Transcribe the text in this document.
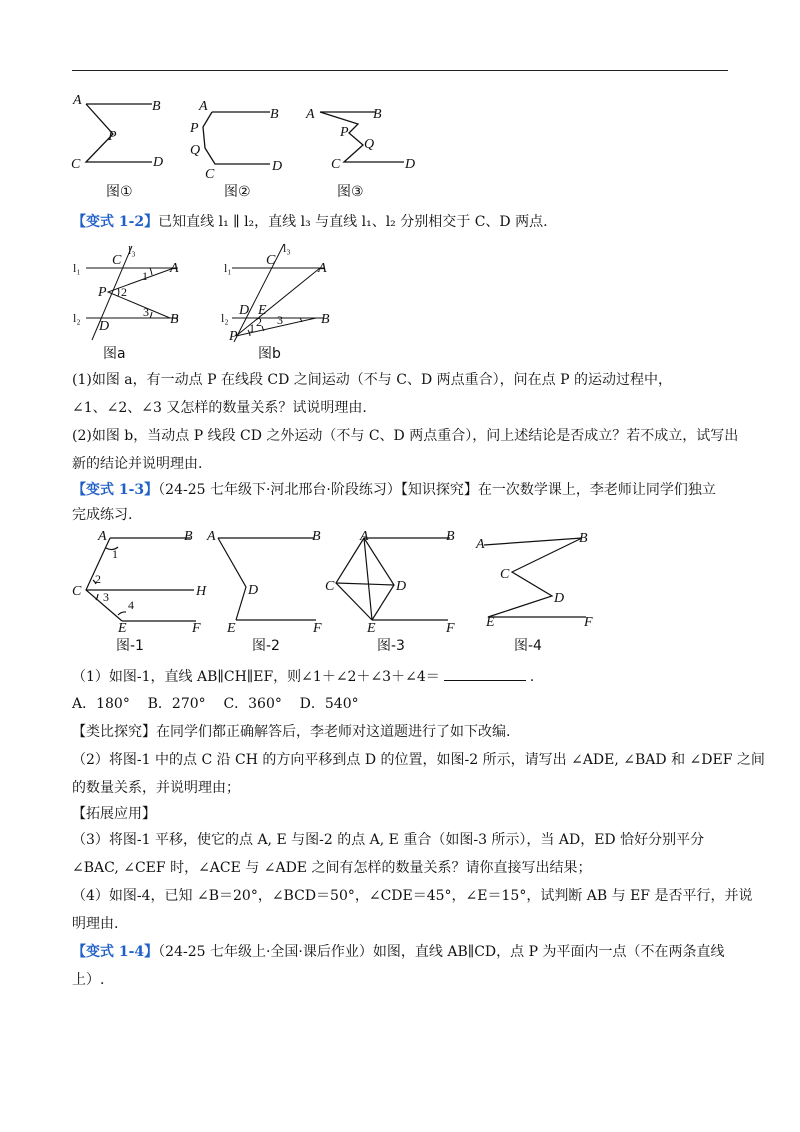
A	B
P
C	D
图①
A
B
P
Q
C
D
图②
A	B
P
Q
C	D
图③
【变式 1-2】已知直线 l₁ ∥ l₂，直线 l₃ 与直线 l₁、l₂ 分别相交于 C、D 两点.
l₃
l₁ C
A
1
P 2
l₂
D
3 B
图a
l₃
l₁ C
A
E
D
l₂	B
P
1 2 3
图b
(1)如图 a，有一动点 P 在线段 CD 之间运动（不与 C、D 两点重合），问在点 P 的运动过程中，
∠1、∠2、∠3 又怎样的数量关系？试说明理由.
(2)如图 b，当动点 P 线段 CD 之外运动（不与 C、D 两点重合），问上述结论是否成立？若不成立，试写出
新的结论并说明理由.
【变式 1-3】（24-25 七年级下·河北邢台·阶段练习）【知识探究】在一次数学课上，李老师让同学们独立
完成练习.
A	B
1
2
C	H
3
4
E	F
图-1
A	B
D
E	F
图-2
A	B
C	D
E	F
图-3
A	B
C
D
E	F
图-4
（1）如图-1，直线 AB∥CH∥EF，则∠1＋∠2＋∠3＋∠4＝	.
A．180°    B．270°    C．360°    D．540°
【类比探究】在同学们都正确解答后，李老师对这道题进行了如下改编.
（2）将图-1 中的点 C 沿 CH 的方向平移到点 D 的位置，如图-2 所示，请写出 ∠ADE, ∠BAD 和 ∠DEF 之间
的数量关系，并说明理由；
【拓展应用】
（3）将图-1 平移，使它的点 A, E 与图-2 的点 A, E 重合（如图-3 所示），当 AD，ED 恰好分别平分
∠BAC, ∠CEF 时，∠ACE 与 ∠ADE 之间有怎样的数量关系？请你直接写出结果；
（4）如图-4，已知 ∠B＝20°，∠BCD＝50°，∠CDE＝45°，∠E＝15°，试判断 AB 与 EF 是否平行，并说
明理由.
【变式 1-4】（24-25 七年级上·全国·课后作业）如图，直线 AB∥CD，点 P 为平面内一点（不在两条直线
上）.
